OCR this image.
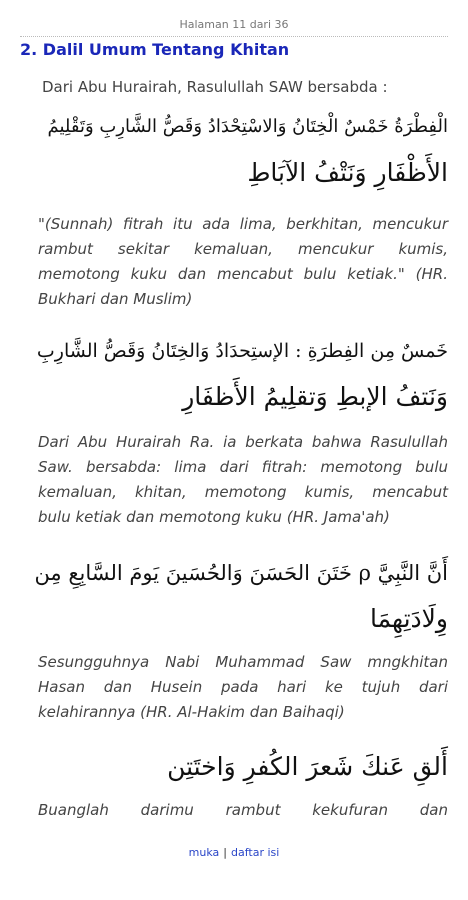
Halaman 11 dari 36
2. Dalil Umum Tentang Khitan
Dari Abu Hurairah, Rasulullah SAW bersabda :
الْفِطْرَةُ خَمْسٌ الْخِتَانُ وَالاسْتِحْدَادُ وَقَصُّ الشَّارِبِ وَتَقْلِيمُ
الأَظْفَارِ وَنَتْفُ الآبَاطِ
"(Sunnah) fitrah itu ada lima, berkhitan, mencukur
rambut sekitar kemaluan, mencukur kumis,
memotong kuku dan mencabut bulu ketiak." (HR.
Bukhari dan Muslim)
خَمسٌ مِن الفِطرَةِ : الإستِحدَادُ وَالخِتَانُ وَقَصُّ الشَّارِبِ
وَنَتفُ الإبطِ وَتقلِيمُ الأَظفَارِ
Dari Abu Hurairah Ra. ia berkata bahwa Rasulullah
Saw. bersabda: lima dari fitrah: memotong bulu
kemaluan, khitan, memotong kumis, mencabut
bulu ketiak dan memotong kuku (HR. Jama'ah)
أَنَّ النَّبِيَّ ρ خَتَنَ الحَسَنَ وَالحُسَينَ يَومَ السَّابِعِ مِن
وِلَادَتِهِمَا
Sesungguhnya Nabi Muhammad Saw mngkhitan
Hasan dan Husein pada hari ke tujuh dari
kelahirannya (HR. Al-Hakim dan Baihaqi)
أَلقِ عَنكَ شَعرَ الكُفرِ وَاختَتِن
Buanglah darimu rambut kekufuran dan
muka | daftar isi
